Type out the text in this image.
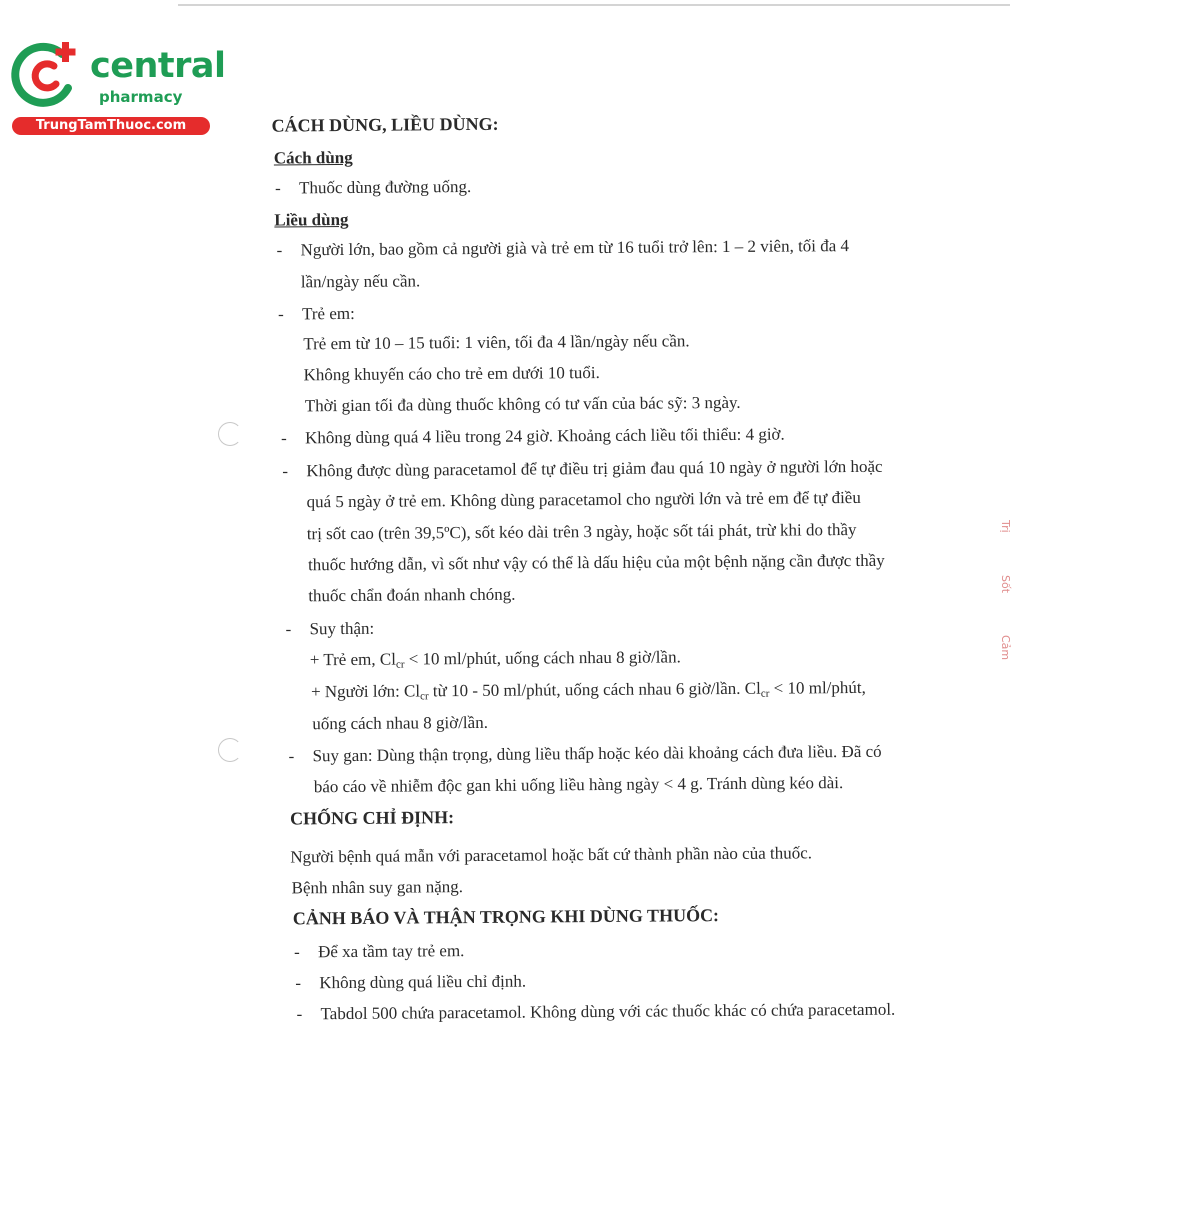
central
pharmacy
TrungTamThuoc.com	CÁCH DÙNG, LIỀU DÙNG:
Cách dùng
- Thuốc dùng đường uống.
Liều dùng
- Người lớn, bao gồm cả người già và trẻ em từ 16 tuổi trở lên: 1 – 2 viên, tối đa 4
lần/ngày nếu cần.
- Trẻ em:
Trẻ em từ 10 – 15 tuổi: 1 viên, tối đa 4 lần/ngày nếu cần.
Không khuyến cáo cho trẻ em dưới 10 tuổi.
Thời gian tối đa dùng thuốc không có tư vấn của bác sỹ: 3 ngày.
- Không dùng quá 4 liều trong 24 giờ. Khoảng cách liều tối thiểu: 4 giờ.
- Không được dùng paracetamol để tự điều trị giảm đau quá 10 ngày ở người lớn hoặc
quá 5 ngày ở trẻ em. Không dùng paracetamol cho người lớn và trẻ em để tự điều
trị sốt cao (trên 39,5ºC), sốt kéo dài trên 3 ngày, hoặc sốt tái phát, trừ khi do thầy
thuốc hướng dẫn, vì sốt như vậy có thể là dấu hiệu của một bệnh nặng cần được thầy
thuốc chẩn đoán nhanh chóng.
- Suy thận:
+ Trẻ em, $Cl_{cr} < 10$ ml/phút, uống cách nhau 8 giờ/lần.
+ Người lớn: $Cl_{cr}$ từ 10 - 50 ml/phút, uống cách nhau 6 giờ/lần. $Cl_{cr} < 10$ ml/phút,
uống cách nhau 8 giờ/lần.
- Suy gan: Dùng thận trọng, dùng liều thấp hoặc kéo dài khoảng cách đưa liều. Đã có
báo cáo về nhiễm độc gan khi uống liều hàng ngày < 4 g. Tránh dùng kéo dài.
CHỐNG CHỈ ĐỊNH:
Người bệnh quá mẫn với paracetamol hoặc bất cứ thành phần nào của thuốc.
Bệnh nhân suy gan nặng.
CẢNH BÁO VÀ THẬN TRỌNG KHI DÙNG THUỐC:
- Để xa tầm tay trẻ em.
- Không dùng quá liều chỉ định.
- Tabdol 500 chứa paracetamol. Không dùng với các thuốc khác có chứa paracetamol.
Trị
Sốt
Cảm
